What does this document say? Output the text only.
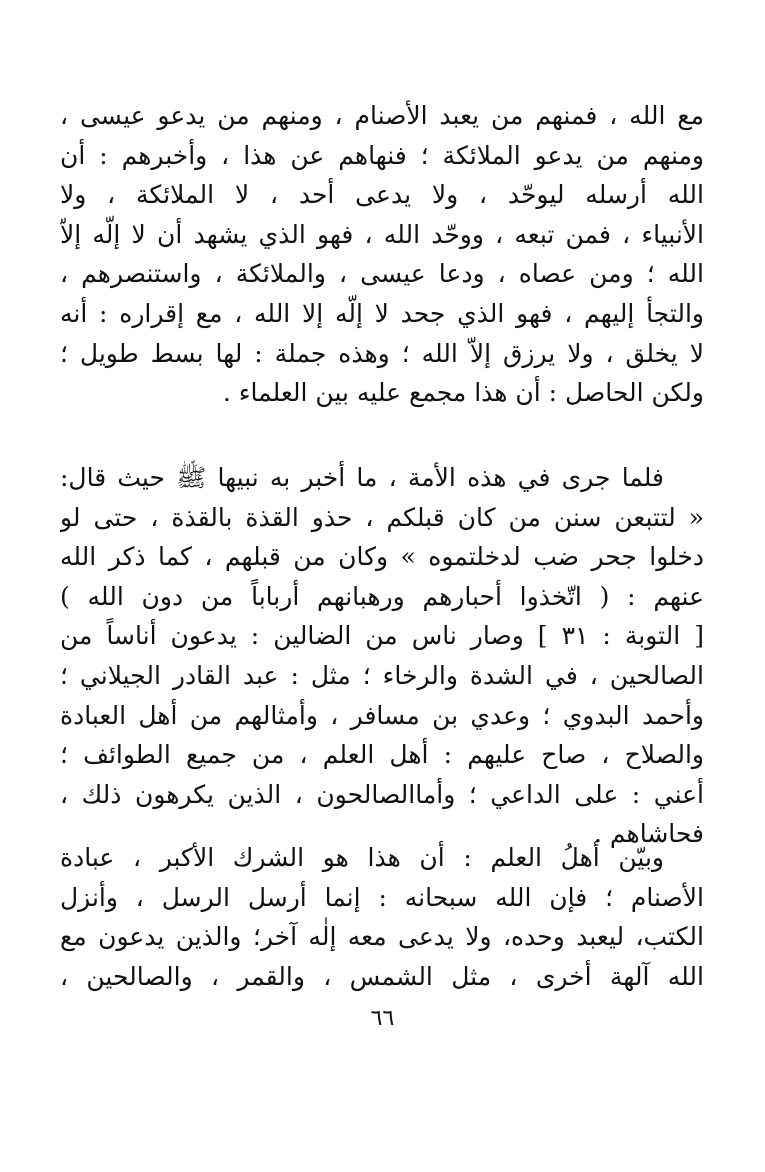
مع الله ، فمنهم من يعبد الأصنام ، ومنهم من يدعو عيسى ،
ومنهم من يدعو الملائكة ؛ فنهاهم عن هذا ، وأخبرهم : أن
الله أرسله ليوحّد ، ولا يدعى أحد ، لا الملائكة ، ولا
الأنبياء ، فمن تبعه ، ووحّد الله ، فهو الذي يشهد أن لا إلّه إلاّ
الله ؛ ومن عصاه ، ودعا عيسى ، والملائكة ، واستنصرهم ،
والتجأ إليهم ، فهو الذي جحد لا إلّه إلا الله ، مع إقراره : أنه
لا يخلق ، ولا يرزق إلاّ الله ؛ وهذه جملة : لها بسط طويل ؛
ولكن الحاصل : أن هذا مجمع عليه بين العلماء .
فلما جرى في هذه الأمة ، ما أخبر به نبيها ﷺ حيث قال:
« لتتبعن سنن من كان قبلكم ، حذو القذة بالقذة ، حتى لو
دخلوا جحر ضب لدخلتموه » وكان من قبلهم ، كما ذكر الله
عنهم : ( اتّخذوا أحبارهم ورهبانهم أرباباً من دون الله )
[ التوبة : ٣١ ] وصار ناس من الضالين : يدعون أناساً من
الصالحين ، في الشدة والرخاء ؛ مثل : عبد القادر الجيلاني ؛
وأحمد البدوي ؛ وعدي بن مسافر ، وأمثالهم من أهل العبادة
والصلاح ، صاح عليهم : أهل العلم ، من جميع الطوائف ؛
أعني : على الداعي ؛ وأماالصالحون ، الذين يكرهون ذلك ،
فحاشاهم .
وبيّن أهلُ العلم : أن هذا هو الشرك الأكبر ، عبادة
الأصنام ؛ فإن الله سبحانه : إنما أرسل الرسل ، وأنزل
الكتب، ليعبد وحده، ولا يدعى معه إلٰه آخر؛ والذين يدعون مع
الله آلهة أخرى ، مثل الشمس ، والقمر ، والصالحين ،
٦٦
